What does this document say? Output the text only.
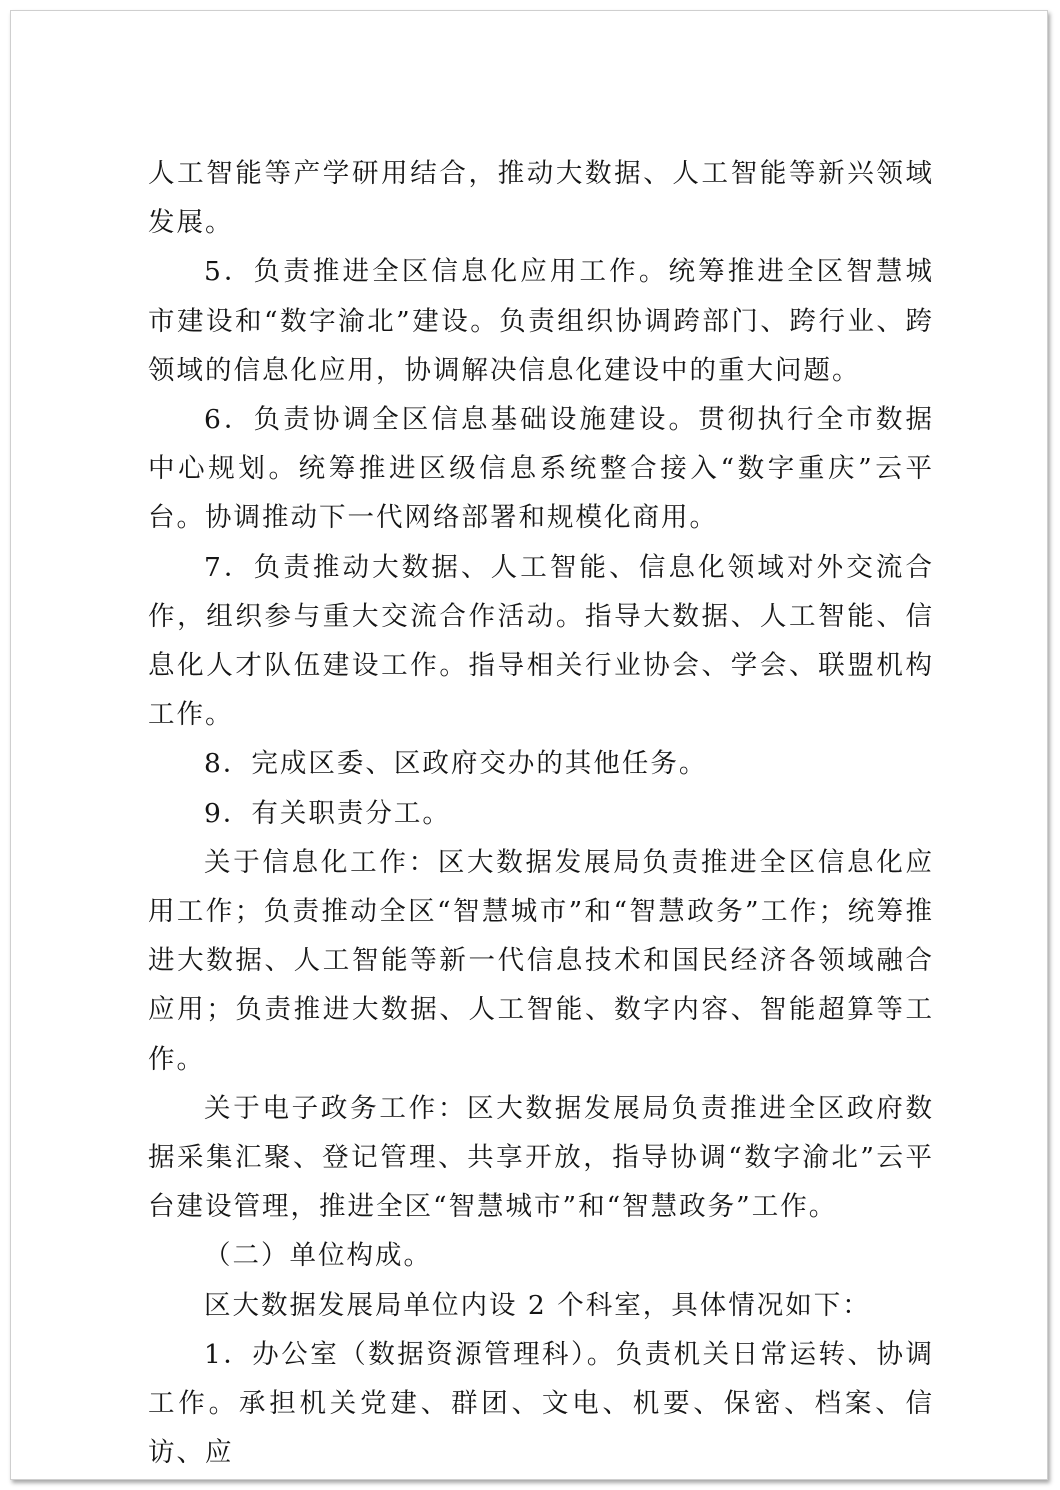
人工智能等产学研用结合，推动大数据、人工智能等新兴领域发展。

5．负责推进全区信息化应用工作。统筹推进全区智慧城市建设和“数字渝北”建设。负责组织协调跨部门、跨行业、跨领域的信息化应用，协调解决信息化建设中的重大问题。

6．负责协调全区信息基础设施建设。贯彻执行全市数据中心规划。统筹推进区级信息系统整合接入“数字重庆”云平台。协调推动下一代网络部署和规模化商用。

7．负责推动大数据、人工智能、信息化领域对外交流合作，组织参与重大交流合作活动。指导大数据、人工智能、信息化人才队伍建设工作。指导相关行业协会、学会、联盟机构工作。

8．完成区委、区政府交办的其他任务。

9．有关职责分工。

关于信息化工作：区大数据发展局负责推进全区信息化应用工作；负责推动全区“智慧城市”和“智慧政务”工作；统筹推进大数据、人工智能等新一代信息技术和国民经济各领域融合应用；负责推进大数据、人工智能、数字内容、智能超算等工作。

关于电子政务工作：区大数据发展局负责推进全区政府数据采集汇聚、登记管理、共享开放，指导协调“数字渝北”云平台建设管理，推进全区“智慧城市”和“智慧政务”工作。

（二）单位构成。

区大数据发展局单位内设 2 个科室，具体情况如下：

1．办公室（数据资源管理科）。负责机关日常运转、协调工作。承担机关党建、群团、文电、机要、保密、档案、信访、应
